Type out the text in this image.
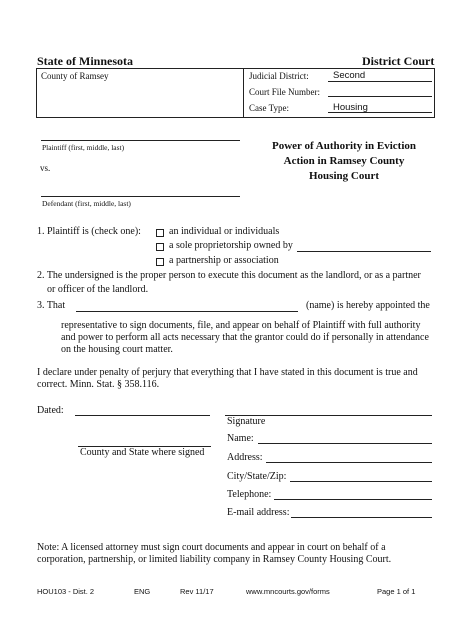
State of Minnesota	District Court
County of Ramsey	Judicial District:	Second
Court File Number:
Case Type:	Housing
Plaintiff (first, middle, last)
vs.
Defendant (first, middle, last)
Power of Authority in Eviction
Action in Ramsey County
Housing Court
1. Plaintiff is (check one):	an individual or individuals
a sole proprietorship owned by
a partnership or association
2. The undersigned is the proper person to execute this document as the landlord, or as a partner
or officer of the landlord.
3. That	(name) is hereby appointed the
representative to sign documents, file, and appear on behalf of Plaintiff with full authority
and power to perform all acts necessary that the grantor could do if personally in attendance
on the housing court matter.
I declare under penalty of perjury that everything that I have stated in this document is true and
correct. Minn. Stat. § 358.116.
Dated:
Signature
Name:
County and State where signed Address:
City/State/Zip:
Telephone:
E-mail address:
Note: A licensed attorney must sign court documents and appear in court on behalf of a
corporation, partnership, or limited liability company in Ramsey County Housing Court.
HOU103 - Dist. 2	ENG	Rev 11/17	www.mncourts.gov/forms	Page 1 of 1
